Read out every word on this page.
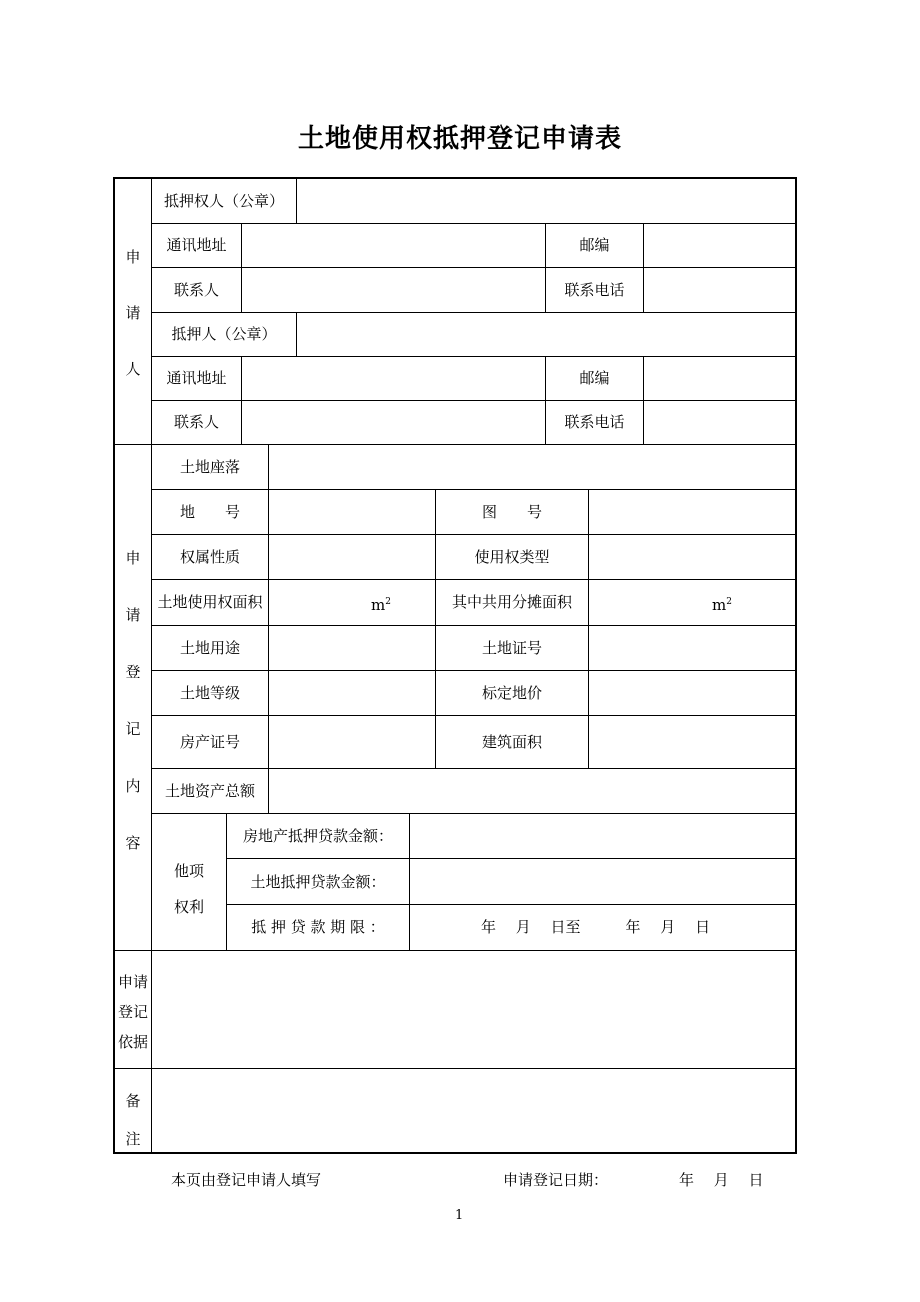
土地使用权抵押登记申请表
申
请
人
抵押权人（公章）
通讯地址	邮编
联系人	联系电话
抵押人（公章）
通讯地址	邮编
联系人	联系电话
申
请
登
记
内
容
土地座落
地　　号	图　　号
权属性质	使用权类型
土地使用权面积	$m^2$	其中共用分摊面积	$m^2$
土地用途	土地证号
土地等级	标定地价
房产证号	建筑面积
土地资产总额
他项
权利
房地产抵押贷款金额：
土地抵押贷款金额：
抵 押 贷 款 期 限 ：	年　 月　 日至　　　年　 月　 日
申请
登记
依据
备
注
本页由登记申请人填写	申请登记日期：	年　 月　 日
1
